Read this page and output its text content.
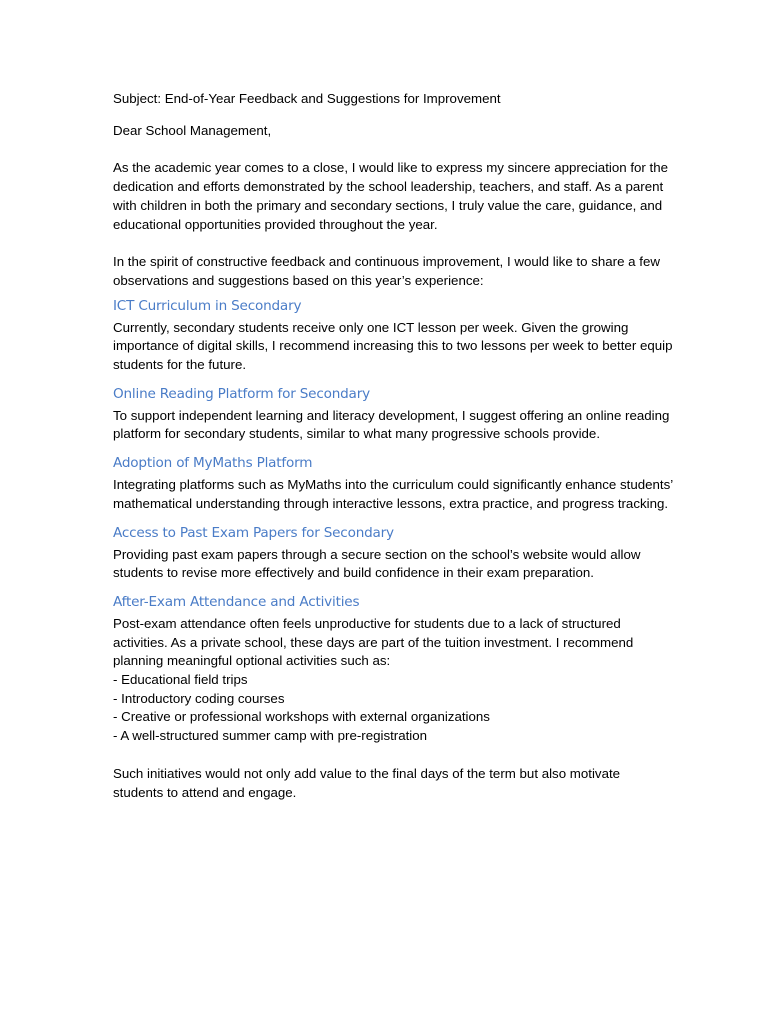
Subject: End-of-Year Feedback and Suggestions for Improvement
Dear School Management,
As the academic year comes to a close, I would like to express my sincere appreciation for the dedication and efforts demonstrated by the school leadership, teachers, and staff. As a parent with children in both the primary and secondary sections, I truly value the care, guidance, and educational opportunities provided throughout the year.
In the spirit of constructive feedback and continuous improvement, I would like to share a few observations and suggestions based on this year’s experience:
ICT Curriculum in Secondary
Currently, secondary students receive only one ICT lesson per week. Given the growing importance of digital skills, I recommend increasing this to two lessons per week to better equip students for the future.
Online Reading Platform for Secondary
To support independent learning and literacy development, I suggest offering an online reading platform for secondary students, similar to what many progressive schools provide.
Adoption of MyMaths Platform
Integrating platforms such as MyMaths into the curriculum could significantly enhance students’ mathematical understanding through interactive lessons, extra practice, and progress tracking.
Access to Past Exam Papers for Secondary
Providing past exam papers through a secure section on the school’s website would allow students to revise more effectively and build confidence in their exam preparation.
After-Exam Attendance and Activities
Post-exam attendance often feels unproductive for students due to a lack of structured activities. As a private school, these days are part of the tuition investment. I recommend planning meaningful optional activities such as:
- Educational field trips
- Introductory coding courses
- Creative or professional workshops with external organizations
- A well-structured summer camp with pre-registration
Such initiatives would not only add value to the final days of the term but also motivate students to attend and engage.
